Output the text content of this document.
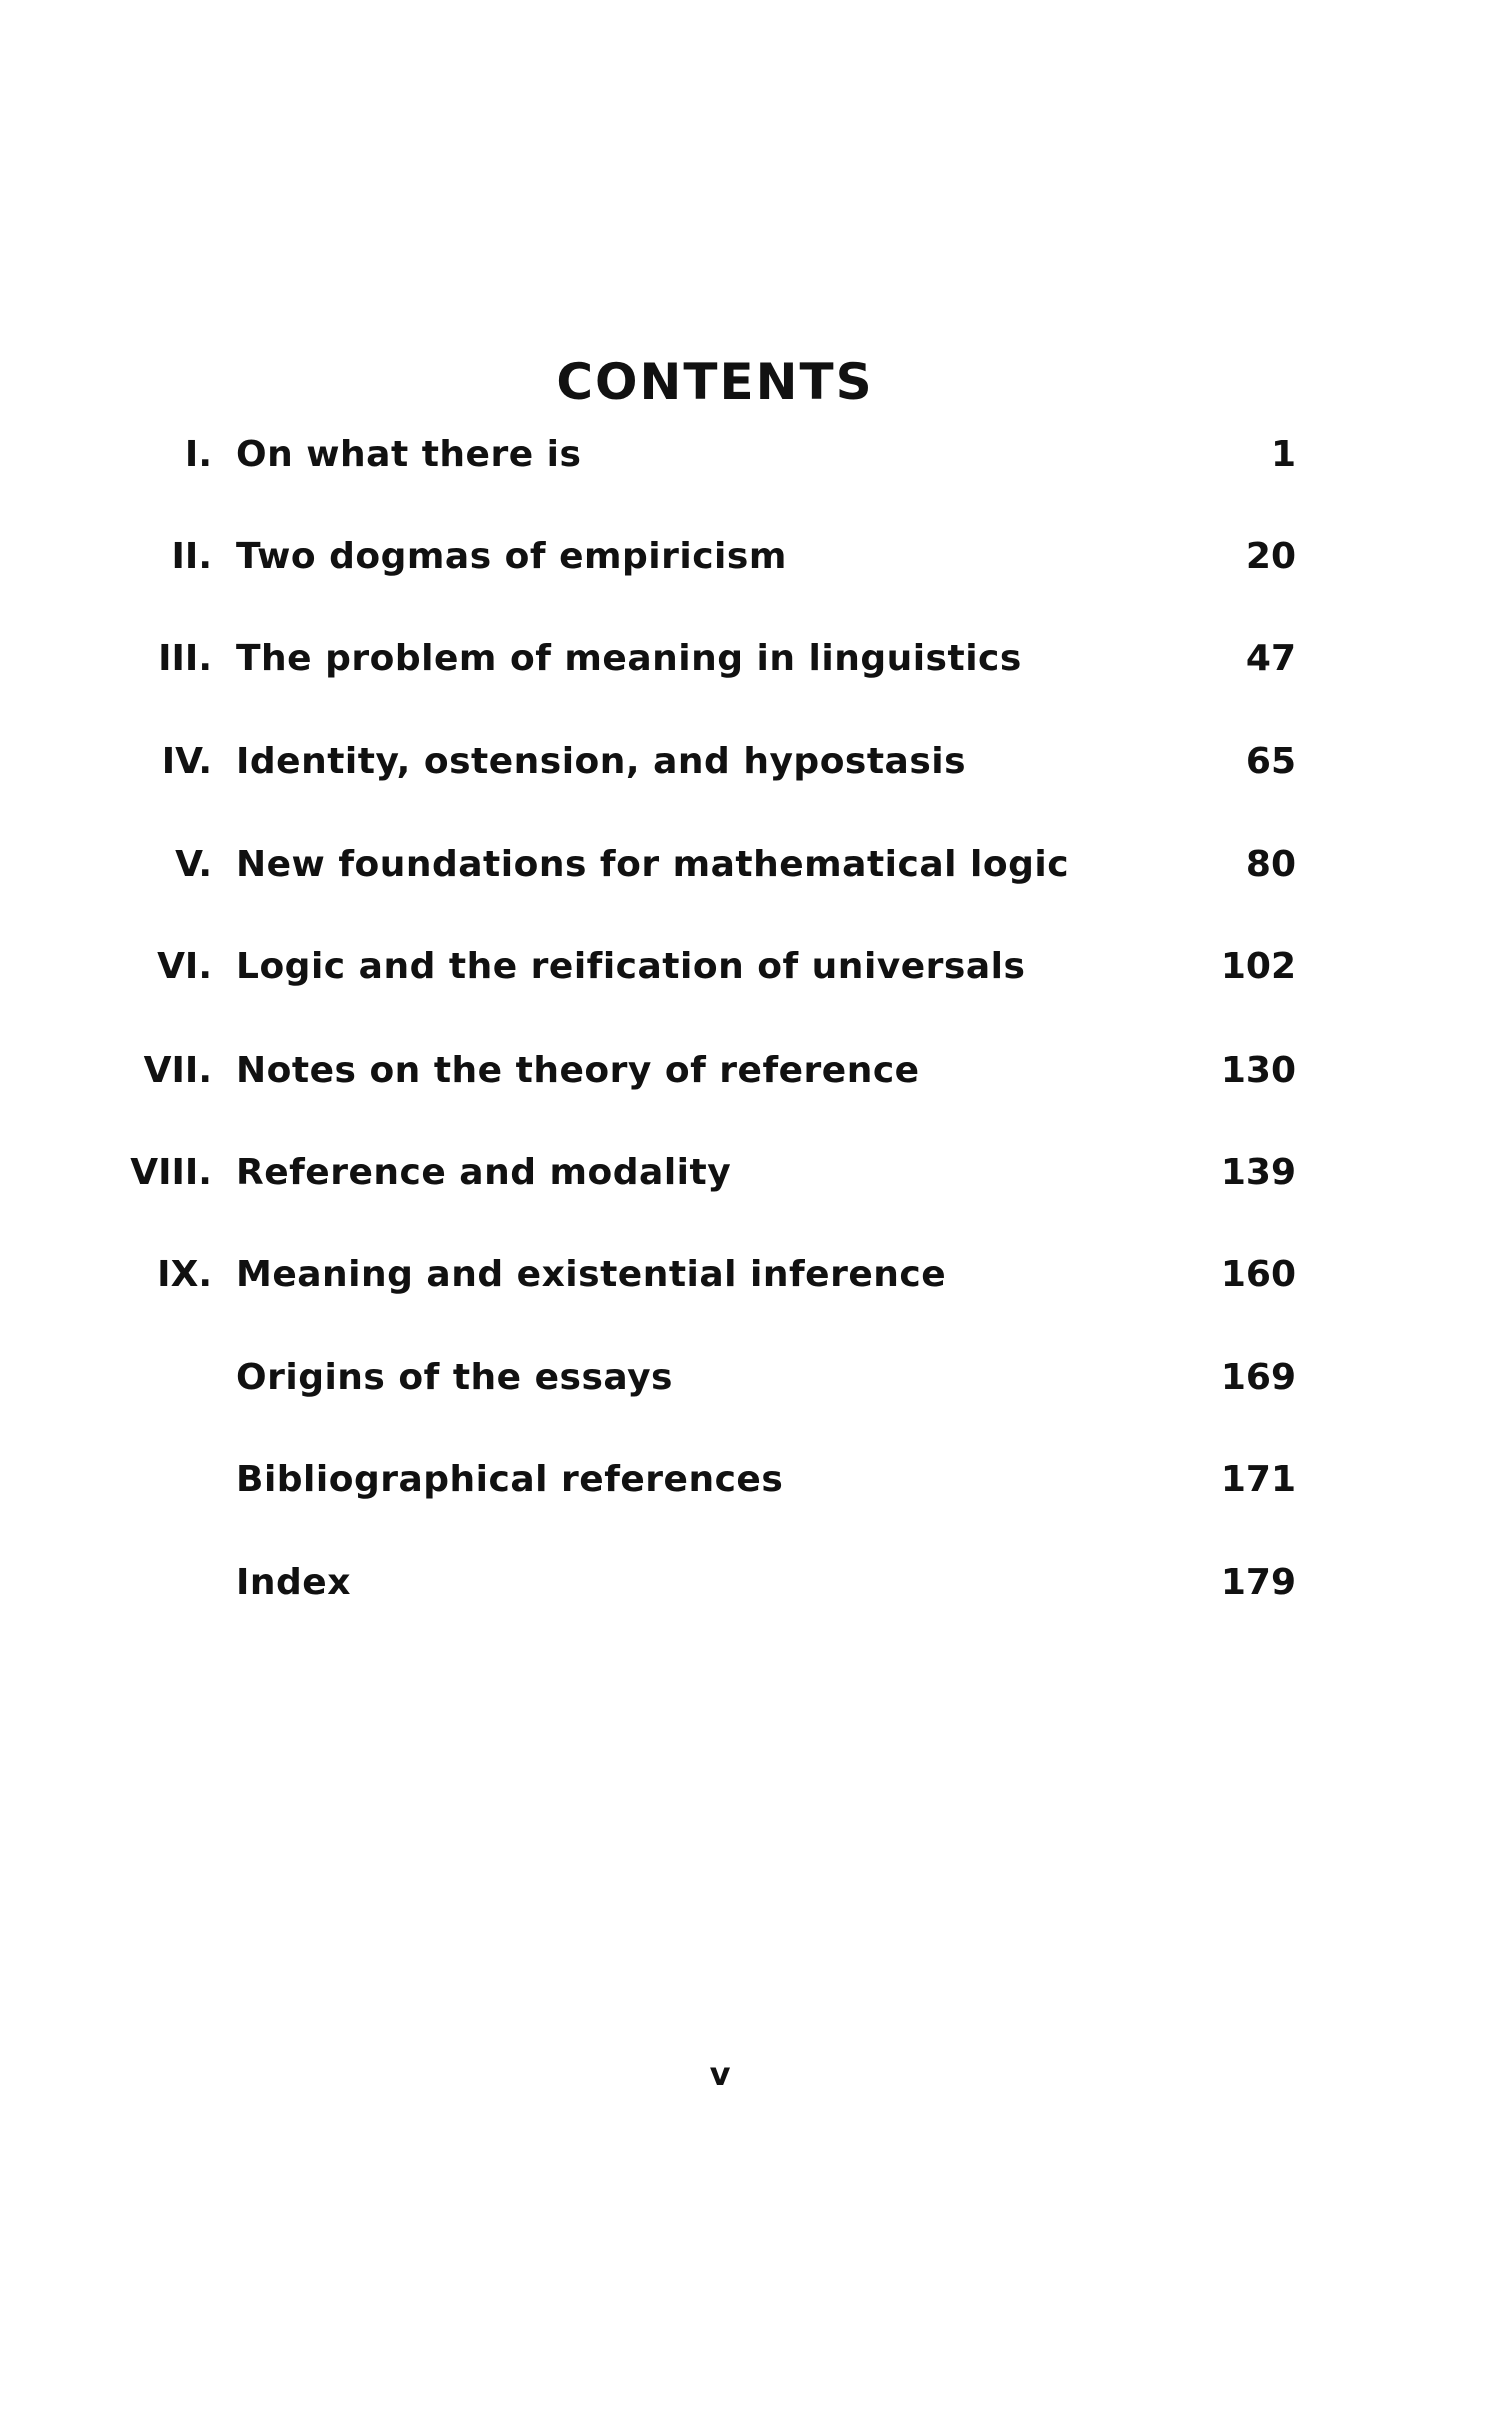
CONTENTS
I. On what there is	1
II. Two dogmas of empiricism	20
III. The problem of meaning in linguistics	47
IV. Identity, ostension, and hypostasis	65
V. New foundations for mathematical logic	80
VI. Logic and the reification of universals	102
VII. Notes on the theory of reference	130
VIII. Reference and modality	139
IX. Meaning and existential inference	160
Origins of the essays	169
Bibliographical references	171
Index	179
v
